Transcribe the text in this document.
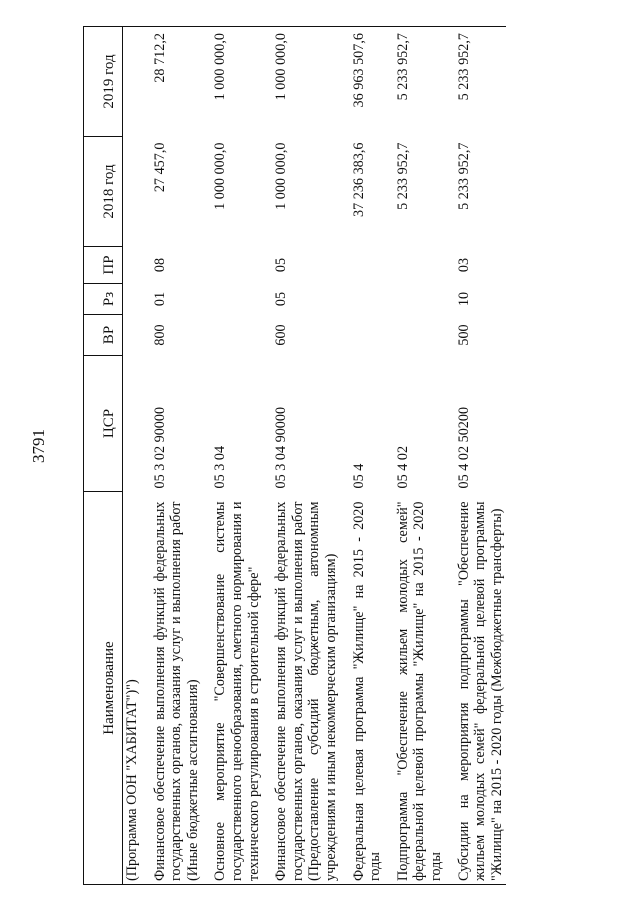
3791
Наименование	ЦСР	ВР	Рз	ПР	2018 год	2019 год
(Программа ООН "ХАБИТАТ")")						
Финансовое обеспечение выполнения функций федеральных государственных органов, оказания услуг и выполнения работ (Иные бюджетные ассигнования)	05 3 02 90000	800	01	08	27 457,0	28 712,2
Основное мероприятие "Совершенствование системы государственного ценообразования, сметного нормирования и технического регулирования в строительной сфере"	05 3 04				1 000 000,0	1 000 000,0
Финансовое обеспечение выполнения функций федеральных государственных органов, оказания услуг и выполнения работ (Предоставление субсидий бюджетным, автономным учреждениям и иным некоммерческим организациям)	05 3 04 90000	600	05	05	1 000 000,0	1 000 000,0
Федеральная целевая программа "Жилище" на 2015 - 2020 годы	05 4				37 236 383,6	36 963 507,6
Подпрограмма "Обеспечение жильем молодых семей" федеральной целевой программы "Жилище" на 2015 - 2020 годы	05 4 02				5 233 952,7	5 233 952,7
Субсидии на мероприятия подпрограммы "Обеспечение жильем молодых семей" федеральной целевой программы "Жилище" на 2015 - 2020 годы (Межбюджетные трансферты)	05 4 02 50200	500	10	03	5 233 952,7	5 233 952,7
